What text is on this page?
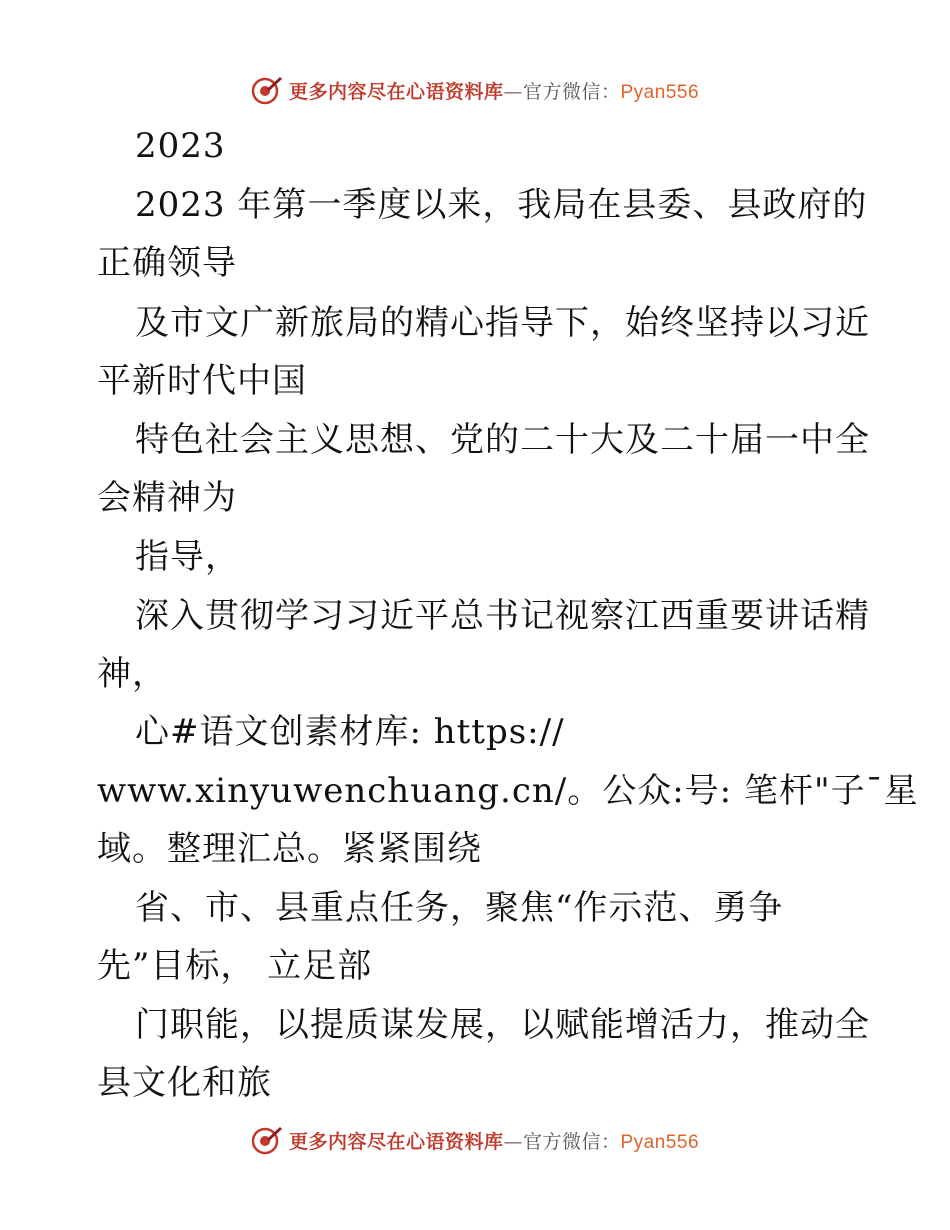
更多内容尽在心语资料库—官方微信：Pyan556
2023
2023 年第一季度以来，我局在县委、县政府的
正确领导
及市文广新旅局的精心指导下，始终坚持以习近
平新时代中国
特色社会主义思想、党的二十大及二十届一中全
会精神为
指导，
深入贯彻学习习近平总书记视察江西重要讲话精
神，
心#语文创素材库: https://
www.xinyuwenchuang.cn/。公众:号: 笔杆"子¯星
域。整理汇总。紧紧围绕
省、市、县重点任务，聚焦“作示范、勇争
先”目标， 立足部
门职能，以提质谋发展，以赋能增活力，推动全
县文化和旅
更多内容尽在心语资料库—官方微信：Pyan556
